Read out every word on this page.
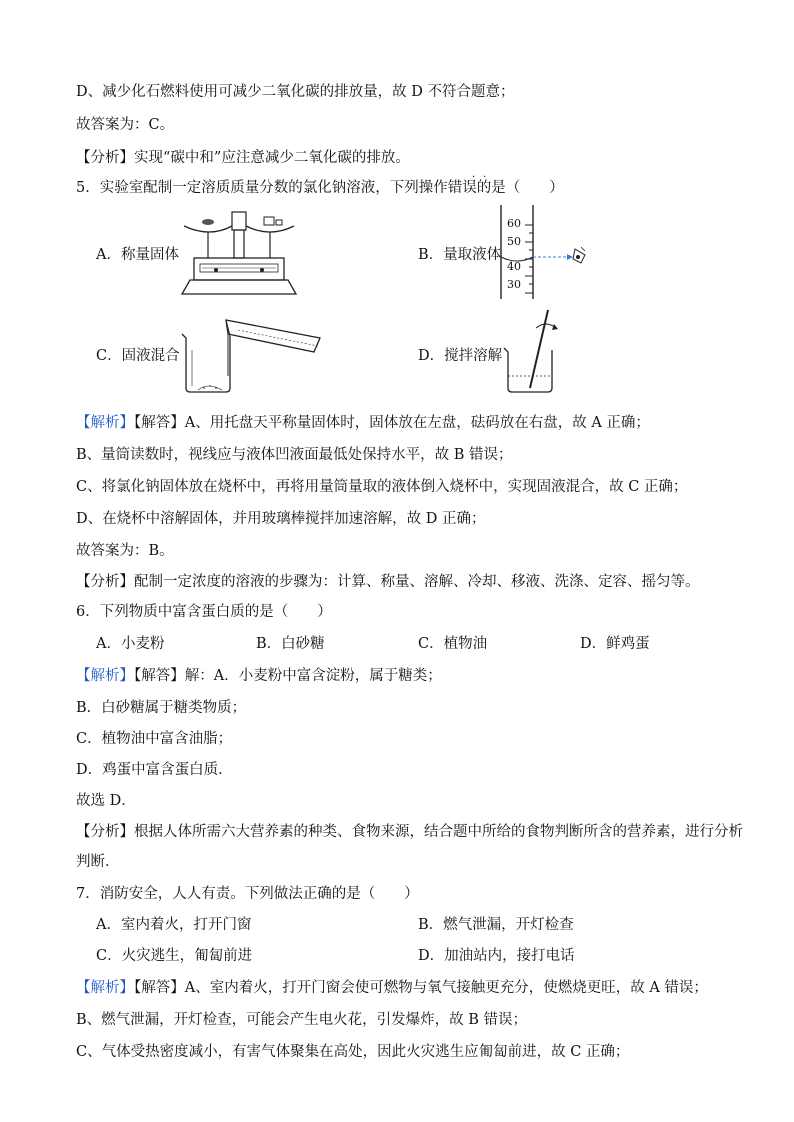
D、减少化石燃料使用可减少二氧化碳的排放量，故 D 不符合题意；
故答案为：C。
【分析】实现“碳中和”应注意减少二氧化碳的排放。
5．实验室配制一定溶质质量分数的氯化钠溶液，下列操作错误的是（　　）
··
A．称量固体	B．量取液体
60
50
40
30
C．固液混合	D．搅拌溶解
【解析】【解答】A、用托盘天平称量固体时，固体放在左盘，砝码放在右盘，故 A 正确；
B、量筒读数时，视线应与液体凹液面最低处保持水平，故 B 错误；
C、将氯化钠固体放在烧杯中，再将用量筒量取的液体倒入烧杯中，实现固液混合，故 C 正确；
D、在烧杯中溶解固体，并用玻璃棒搅拌加速溶解，故 D 正确；
故答案为：B。
【分析】配制一定浓度的溶液的步骤为：计算、称量、溶解、冷却、移液、洗涤、定容、摇匀等。
6．下列物质中富含蛋白质的是（　　）
A．小麦粉	B．白砂糖	C．植物油	D．鲜鸡蛋
【解析】【解答】解：A．小麦粉中富含淀粉，属于糖类；
B．白砂糖属于糖类物质；
C．植物油中富含油脂；
D．鸡蛋中富含蛋白质．
故选 D．
【分析】根据人体所需六大营养素的种类、食物来源，结合题中所给的食物判断所含的营养素，进行分析
判断．
7．消防安全，人人有责。下列做法正确的是（　　）
A．室内着火，打开门窗	B．燃气泄漏，开灯检查
C．火灾逃生，匍匐前进	D．加油站内，接打电话
【解析】【解答】A、室内着火，打开门窗会使可燃物与氧气接触更充分，使燃烧更旺，故 A 错误；
B、燃气泄漏，开灯检查，可能会产生电火花，引发爆炸，故 B 错误；
C、气体受热密度减小，有害气体聚集在高处，因此火灾逃生应匍匐前进，故 C 正确；
